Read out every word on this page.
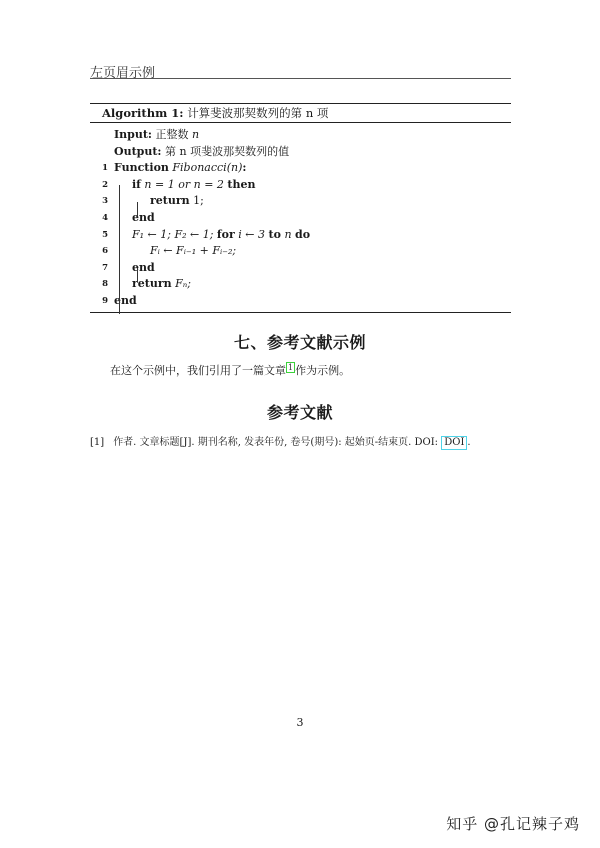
左页眉示例
Algorithm 1: 计算斐波那契数列的第 n 项
Input: 正整数 n
Output: 第 n 项斐波那契数列的值
1 Function Fibonacci(n):
2 if n = 1 or n = 2 then
3	return 1;
4 end
5 F₁ ← 1; F₂ ← 1; for i ← 3 to n do
6	Fᵢ ← Fᵢ₋₁ + Fᵢ₋₂;
7 end
8 return Fₙ;
9 end
七、参考文献示例
在这个示例中，我们引用了一篇文章 1 作为示例。
参考文献
[1] 作者. 文章标题[J]. 期刊名称, 发表年份, 卷号(期号): 起始页-结束页. DOI: DOI .
3
知乎 @孔记辣子鸡
